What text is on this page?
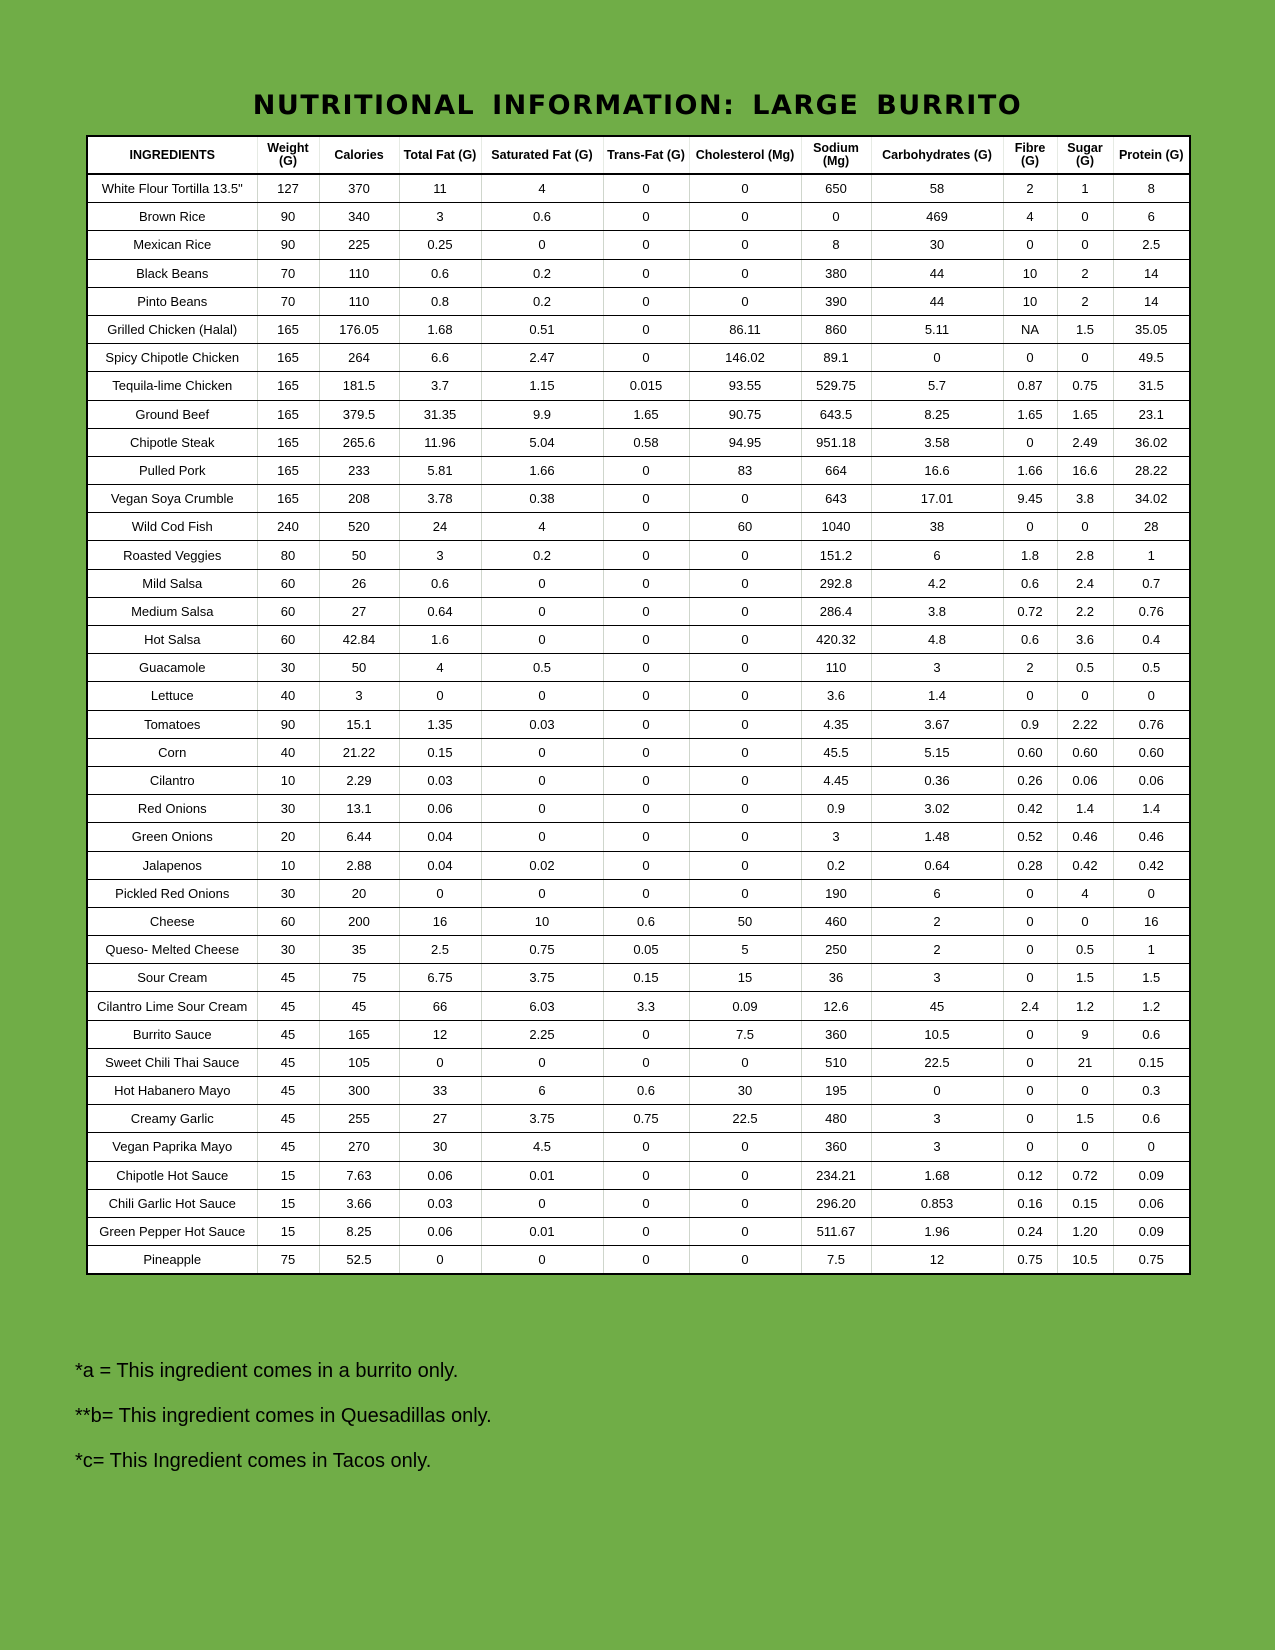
NUTRITIONAL INFORMATION: LARGE BURRITO
INGREDIENTS	Weight (G)	Calories	Total Fat (G)	Saturated Fat (G)	Trans-Fat (G)	Cholesterol (Mg)	Sodium (Mg)	Carbohydrates (G)	Fibre (G)	Sugar (G)	Protein (G)
White Flour Tortilla 13.5"	127	370	11	4	0	0	650	58	2	1	8
Brown Rice	90	340	3	0.6	0	0	0	469	4	0	6
Mexican Rice	90	225	0.25	0	0	0	8	30	0	0	2.5
Black Beans	70	110	0.6	0.2	0	0	380	44	10	2	14
Pinto Beans	70	110	0.8	0.2	0	0	390	44	10	2	14
Grilled Chicken (Halal)	165	176.05	1.68	0.51	0	86.11	860	5.11	NA	1.5	35.05
Spicy Chipotle Chicken	165	264	6.6	2.47	0	146.02	89.1	0	0	0	49.5
Tequila-lime Chicken	165	181.5	3.7	1.15	0.015	93.55	529.75	5.7	0.87	0.75	31.5
Ground Beef	165	379.5	31.35	9.9	1.65	90.75	643.5	8.25	1.65	1.65	23.1
Chipotle Steak	165	265.6	11.96	5.04	0.58	94.95	951.18	3.58	0	2.49	36.02
Pulled Pork	165	233	5.81	1.66	0	83	664	16.6	1.66	16.6	28.22
Vegan Soya Crumble	165	208	3.78	0.38	0	0	643	17.01	9.45	3.8	34.02
Wild Cod Fish	240	520	24	4	0	60	1040	38	0	0	28
Roasted Veggies	80	50	3	0.2	0	0	151.2	6	1.8	2.8	1
Mild Salsa	60	26	0.6	0	0	0	292.8	4.2	0.6	2.4	0.7
Medium Salsa	60	27	0.64	0	0	0	286.4	3.8	0.72	2.2	0.76
Hot Salsa	60	42.84	1.6	0	0	0	420.32	4.8	0.6	3.6	0.4
Guacamole	30	50	4	0.5	0	0	110	3	2	0.5	0.5
Lettuce	40	3	0	0	0	0	3.6	1.4	0	0	0
Tomatoes	90	15.1	1.35	0.03	0	0	4.35	3.67	0.9	2.22	0.76
Corn	40	21.22	0.15	0	0	0	45.5	5.15	0.60	0.60	0.60
Cilantro	10	2.29	0.03	0	0	0	4.45	0.36	0.26	0.06	0.06
Red Onions	30	13.1	0.06	0	0	0	0.9	3.02	0.42	1.4	1.4
Green Onions	20	6.44	0.04	0	0	0	3	1.48	0.52	0.46	0.46
Jalapenos	10	2.88	0.04	0.02	0	0	0.2	0.64	0.28	0.42	0.42
Pickled Red Onions	30	20	0	0	0	0	190	6	0	4	0
Cheese	60	200	16	10	0.6	50	460	2	0	0	16
Queso- Melted Cheese	30	35	2.5	0.75	0.05	5	250	2	0	0.5	1
Sour Cream	45	75	6.75	3.75	0.15	15	36	3	0	1.5	1.5
Cilantro Lime Sour Cream	45	45	66	6.03	3.3	0.09	12.6	45	2.4	1.2	1.2
Burrito Sauce	45	165	12	2.25	0	7.5	360	10.5	0	9	0.6
Sweet Chili Thai Sauce	45	105	0	0	0	0	510	22.5	0	21	0.15
Hot Habanero Mayo	45	300	33	6	0.6	30	195	0	0	0	0.3
Creamy Garlic	45	255	27	3.75	0.75	22.5	480	3	0	1.5	0.6
Vegan Paprika Mayo	45	270	30	4.5	0	0	360	3	0	0	0
Chipotle Hot Sauce	15	7.63	0.06	0.01	0	0	234.21	1.68	0.12	0.72	0.09
Chili Garlic Hot Sauce	15	3.66	0.03	0	0	0	296.20	0.853	0.16	0.15	0.06
Green Pepper Hot Sauce	15	8.25	0.06	0.01	0	0	511.67	1.96	0.24	1.20	0.09
Pineapple	75	52.5	0	0	0	0	7.5	12	0.75	10.5	0.75

*a = This ingredient comes in a burrito only.

**b= This ingredient comes in Quesadillas only.

*c= This Ingredient comes in Tacos only.
